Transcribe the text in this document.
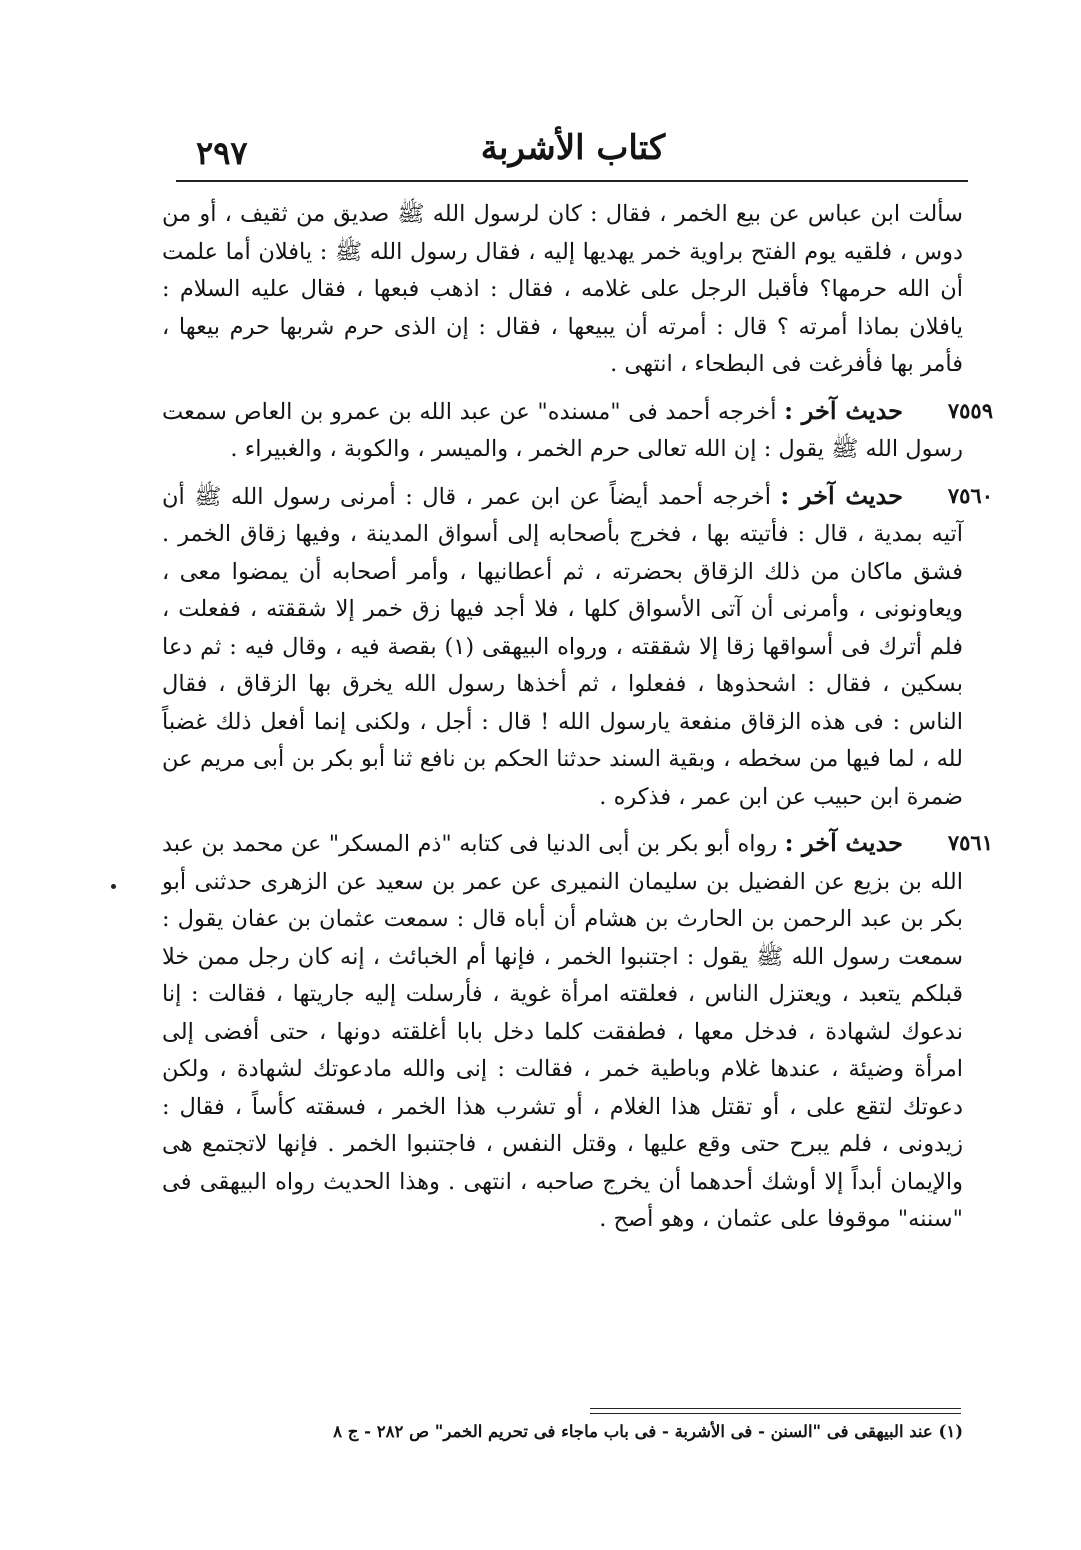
٢٩٧	كتاب الأشربة

سألت ابن عباس عن بيع الخمر ، فقال : كان لرسول الله ﷺ صديق من ثقيف ، أو من دوس ، فلقيه يوم الفتح براوية خمر يهديها إليه ، فقال رسول الله ﷺ : يافلان أما علمت أن الله حرمها؟ فأقبل الرجل على غلامه ، فقال : اذهب فبعها ، فقال عليه السلام : يافلان بماذا أمرته ؟ قال : أمرته أن يبيعها ، فقال : إن الذى حرم شربها حرم بيعها ، فأمر بها فأفرغت فى البطحاء ، انتهى .

٧٥٥٩
حديث آخر : أخرجه أحمد فى "مسنده" عن عبد الله بن عمرو بن العاص سمعت رسول الله ﷺ يقول : إن الله تعالى حرم الخمر ، والميسر ، والكوبة ، والغبيراء .

٧٥٦٠
حديث آخر : أخرجه أحمد أيضاً عن ابن عمر ، قال : أمرنى رسول الله ﷺ أن آتيه بمدية ، قال : فأتيته بها ، فخرج بأصحابه إلى أسواق المدينة ، وفيها زقاق الخمر . فشق ماكان من ذلك الزقاق بحضرته ، ثم أعطانيها ، وأمر أصحابه أن يمضوا معى ، ويعاونونى ، وأمرنى أن آتى الأسواق كلها ، فلا أجد فيها زق خمر إلا شققته ، ففعلت ، فلم أترك فى أسواقها زقا إلا شققته ، ورواه البيهقى (١) بقصة فيه ، وقال فيه : ثم دعا بسكين ، فقال : اشحذوها ، ففعلوا ، ثم أخذها رسول الله يخرق بها الزقاق ، فقال الناس : فى هذه الزقاق منفعة يارسول الله ! قال : أجل ، ولكنى إنما أفعل ذلك غضباً لله ، لما فيها من سخطه ، وبقية السند حدثنا الحكم بن نافع ثنا أبو بكر بن أبى مريم عن ضمرة ابن حبيب عن ابن عمر ، فذكره .

٧٥٦١
حديث آخر : رواه أبو بكر بن أبى الدنيا فى كتابه "ذم المسكر" عن محمد بن عبد الله بن بزيع عن الفضيل بن سليمان النميرى عن عمر بن سعيد عن الزهرى حدثنى أبو بكر بن عبد الرحمن بن الحارث بن هشام أن أباه قال : سمعت عثمان بن عفان يقول : سمعت رسول الله ﷺ يقول : اجتنبوا الخمر ، فإنها أم الخبائث ، إنه كان رجل ممن خلا قبلكم يتعبد ، ويعتزل الناس ، فعلقته امرأة غوية ، فأرسلت إليه جاريتها ، فقالت : إنا ندعوك لشهادة ، فدخل معها ، فطفقت كلما دخل بابا أغلقته دونها ، حتى أفضى إلى امرأة وضيئة ، عندها غلام وباطية خمر ، فقالت : إنى والله مادعوتك لشهادة ، ولكن دعوتك لتقع على ، أو تقتل هذا الغلام ، أو تشرب هذا الخمر ، فسقته كأساً ، فقال : زيدونى ، فلم يبرح حتى وقع عليها ، وقتل النفس ، فاجتنبوا الخمر . فإنها لاتجتمع هى والإيمان أبداً إلا أوشك أحدهما أن يخرج صاحبه ، انتهى . وهذا الحديث رواه البيهقى فى "سننه" موقوفا على عثمان ، وهو أصح .

(١) عند البيهقى فى "السنن - فى الأشربة - فى باب ماجاء فى تحريم الخمر" ص ٢٨٢ - ج ٨
